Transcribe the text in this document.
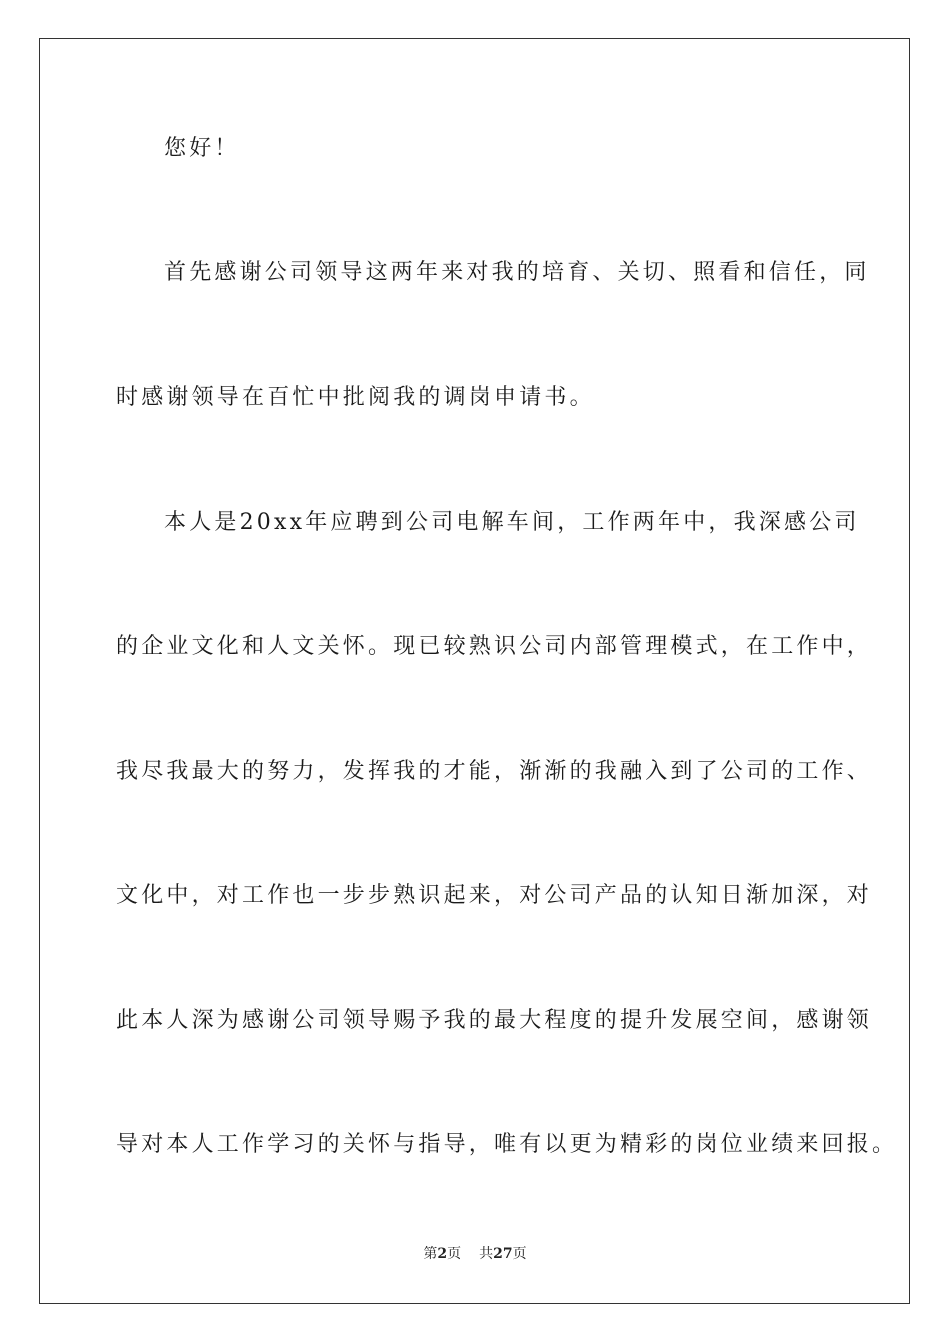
您好！
首先感谢公司领导这两年来对我的培育、关切、照看和信任，同
时感谢领导在百忙中批阅我的调岗申请书。
本人是20xx年应聘到公司电解车间，工作两年中，我深感公司
的企业文化和人文关怀。现已较熟识公司内部管理模式，在工作中，
我尽我最大的努力，发挥我的才能，渐渐的我融入到了公司的工作、
文化中，对工作也一步步熟识起来，对公司产品的认知日渐加深，对
此本人深为感谢公司领导赐予我的最大程度的提升发展空间，感谢领
导对本人工作学习的关怀与指导，唯有以更为精彩的岗位业绩来回报。
第2页 共27页
